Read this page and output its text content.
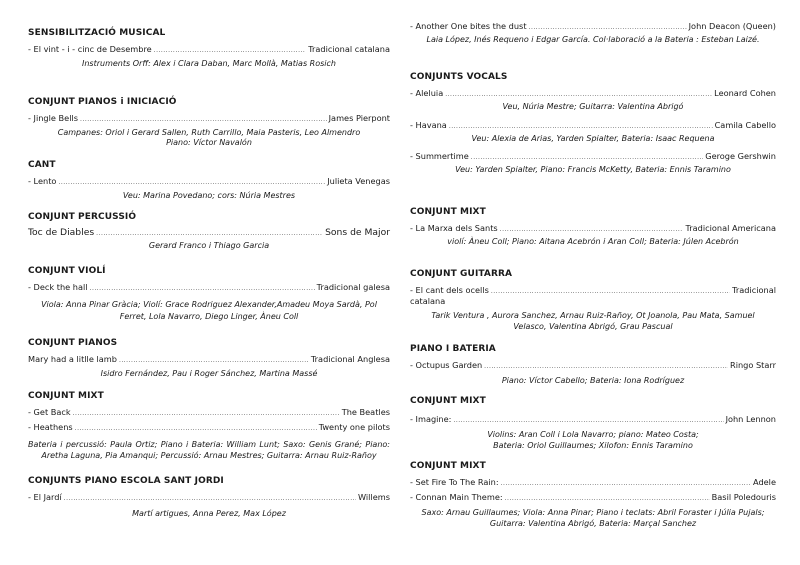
SENSIBILITZACIÓ MUSICAL
- El vint - i - cinc de Desembre .....	Tradicional catalana
Instruments Orff: Alex i Clara Daban, Marc Mollà, Matias Rosich
CONJUNT PIANOS i INICIACIÓ
- Jingle Bells .....	James Pierpont
Campanes: Oriol i Gerard Sallen, Ruth Carrillo, Maia Pasteris, Leo Almendro
Piano: Víctor Navalón
CANT
- Lento .....	Julieta Venegas
Veu: Marina Povedano; cors: Núria Mestres
CONJUNT PERCUSSIÓ
Toc de Diables .....	Sons de Major
Gerard Franco i Thiago Garcia
CONJUNT VIOLÍ
- Deck the hall .....	Tradicional galesa
Viola: Anna Pinar Gràcia; Violí: Grace Rodriguez Alexander,Amadeu Moya Sardà, Pol Ferret, Lola Navarro, Diego Linger, Àneu Coll
CONJUNT PIANOS
Mary had a litlle lamb .....	Tradicional Anglesa
Isidro Fernández, Pau i Roger Sánchez, Martina Massé
CONJUNT MIXT
- Get Back .....	The Beatles
- Heathens .....	Twenty one pilots
Bateria i percussió: Paula Ortiz; Piano i Bateria: William Lunt; Saxo: Genis Grané; Piano: Aretha Laguna, Pia Amanqui; Percussió: Arnau Mestres; Guitarra: Arnau Ruiz-Rañoy
CONJUNTS PIANO ESCOLA SANT JORDI
- El Jardí .....	Willems
Martí artigues, Anna Perez, Max López
- Another One bites the dust .....	John Deacon (Queen)
Laia López, Inés Requeno i Edgar García. Col·laboració a la Bateria : Esteban Laizé.
CONJUNTS VOCALS
- Aleluia .....	Leonard Cohen
Veu, Núria Mestre; Guitarra: Valentina Abrigó
- Havana .....	Camila Cabello
Veu: Alexia de Arias, Yarden Spialter, Bateria: Isaac Requena
- Summertime .....	Geroge Gershwin
Veu: Yarden Spialter, Piano: Francis McKetty, Bateria: Ennis Taramino
CONJUNT MIXT
- La Marxa dels Sants .....	Tradicional Americana
violí: Àneu Coll; Piano: Aitana Acebrón i Aran Coll; Bateria: Júlen Acebrón
CONJUNT GUITARRA
- El cant dels ocells .....	Tradicional
catalana
Tarik Ventura , Aurora Sanchez, Arnau Ruiz-Rañoy, Ot Joanola, Pau Mata, Samuel Velasco, Valentina Abrigó, Grau Pascual
PIANO I BATERIA
- Octupus Garden .....	Ringo Starr
Piano: Víctor Cabello; Bateria: Iona Rodríguez
CONJUNT MIXT
- Imagine: .....	John Lennon
Violins: Aran Coll i Lola Navarro; piano: Mateo Costa;
Bateria: Oriol Guillaumes; Xilofon: Ennis Taramino
CONJUNT MIXT
- Set Fire To The Rain: .....	Adele
- Connan Main Theme: .....	Basil Poledouris
Saxo: Arnau Guillaumes; Viola: Anna Pinar; Piano i teclats: Abril Foraster i Júlia Pujals; Guitarra: Valentina Abrigó, Bateria: Marçal Sanchez
